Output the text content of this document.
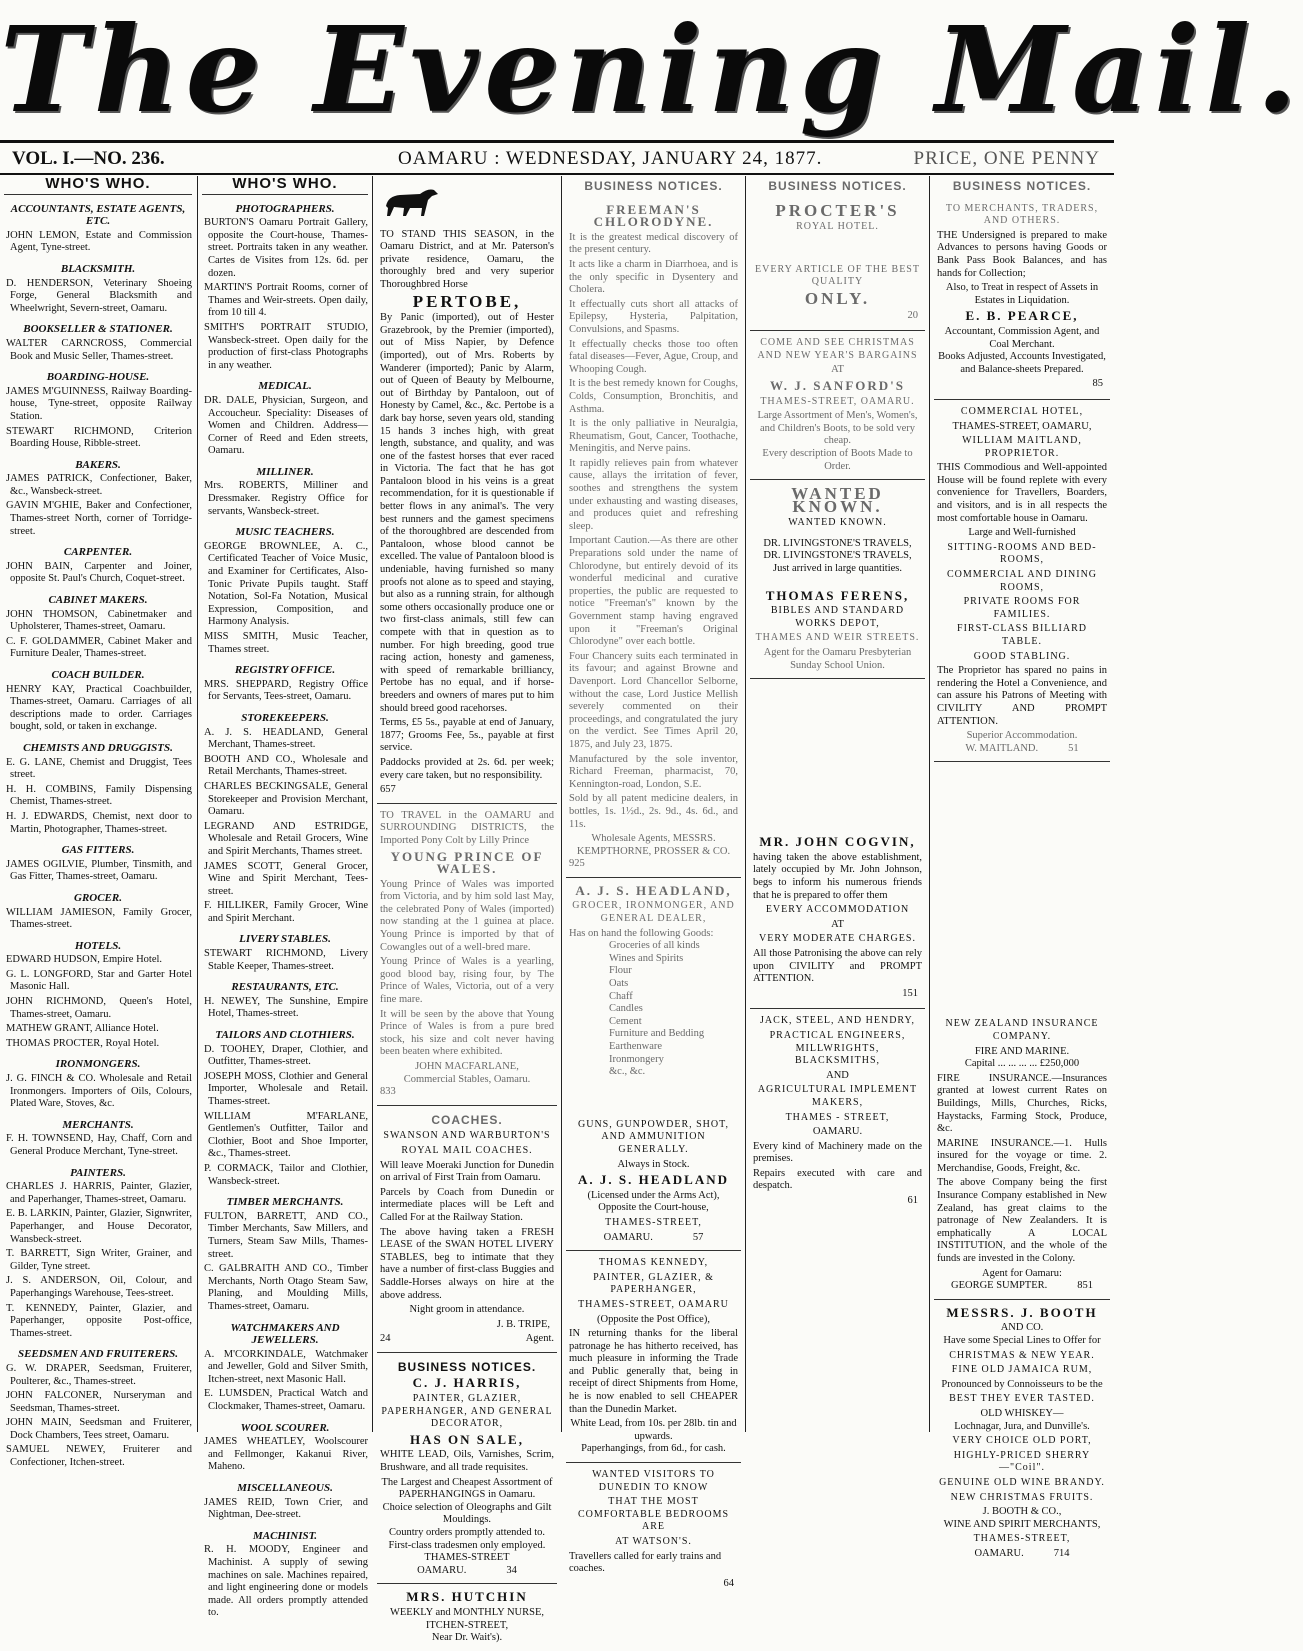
The Evening Mail.
VOL. I.—NO. 236.	OAMARU : WEDNESDAY, JANUARY 24, 1877.	PRICE, ONE PENNY
WHO'S WHO.
ACCOUNTANTS, ESTATE AGENTS, ETC.
JOHN LEMON, Estate and Commission Agent, Tyne-street.
BLACKSMITH.
D. HENDERSON, Veterinary Shoeing Forge, General Blacksmith and Wheelwright, Severn-street, Oamaru.
BOOKSELLER & STATIONER.
WALTER CARNCROSS, Commercial Book and Music Seller, Thames-street.
BOARDING-HOUSE.
JAMES M'GUINNESS, Railway Boarding-house, Tyne-street, opposite Railway Station.
STEWART RICHMOND, Criterion Boarding House, Ribble-street.
BAKERS.
JAMES PATRICK, Confectioner, Baker, &c., Wansbeck-street.
GAVIN M'GHIE, Baker and Confectioner, Thames-street North, corner of Torridge-street.
CARPENTER.
JOHN BAIN, Carpenter and Joiner, opposite St. Paul's Church, Coquet-street.
CABINET MAKERS.
JOHN THOMSON, Cabinetmaker and Upholsterer, Thames-street, Oamaru.
C. F. GOLDAMMER, Cabinet Maker and Furniture Dealer, Thames-street.
COACH BUILDER.
HENRY KAY, Practical Coachbuilder, Thames-street, Oamaru. Carriages of all descriptions made to order. Carriages bought, sold, or taken in exchange.
CHEMISTS AND DRUGGISTS.
E. G. LANE, Chemist and Druggist, Tees street.
H. H. COMBINS, Family Dispensing Chemist, Thames-street.
H. J. EDWARDS, Chemist, next door to Martin, Photographer, Thames-street.
GAS FITTERS.
JAMES OGILVIE, Plumber, Tinsmith, and Gas Fitter, Thames-street, Oamaru.
GROCER.
WILLIAM JAMIESON, Family Grocer, Thames-street.
HOTELS.
EDWARD HUDSON, Empire Hotel.
G. L. LONGFORD, Star and Garter Hotel Masonic Hall.
JOHN RICHMOND, Queen's Hotel, Thames-street, Oamaru.
MATHEW GRANT, Alliance Hotel.
THOMAS PROCTER, Royal Hotel.
IRONMONGERS.
J. G. FINCH & CO. Wholesale and Retail Ironmongers. Importers of Oils, Colours, Plated Ware, Stoves, &c.
MERCHANTS.
F. H. TOWNSEND, Hay, Chaff, Corn and General Produce Merchant, Tyne-street.
PAINTERS.
CHARLES J. HARRIS, Painter, Glazier, and Paperhanger, Thames-street, Oamaru.
E. B. LARKIN, Painter, Glazier, Signwriter, Paperhanger, and House Decorator, Wansbeck-street.
T. BARRETT, Sign Writer, Grainer, and Gilder, Tyne street.
J. S. ANDERSON, Oil, Colour, and Paperhangings Warehouse, Tees-street.
T. KENNEDY, Painter, Glazier, and Paperhanger, opposite Post-office, Thames-street.
SEEDSMEN AND FRUITERERS.
G. W. DRAPER, Seedsman, Fruiterer, Poulterer, &c., Thames-street.
JOHN FALCONER, Nurseryman and Seedsman, Thames-street.
JOHN MAIN, Seedsman and Fruiterer, Dock Chambers, Tees street, Oamaru.
SAMUEL NEWEY, Fruiterer and Confectioner, Itchen-street.
WHO'S WHO.
PHOTOGRAPHERS.
BURTON'S Oamaru Portrait Gallery, opposite the Court-house, Thames-street. Portraits taken in any weather. Cartes de Visites from 12s. 6d. per dozen.
MARTIN'S Portrait Rooms, corner of Thames and Weir-streets. Open daily, from 10 till 4.
SMITH'S PORTRAIT STUDIO, Wansbeck-street. Open daily for the production of first-class Photographs in any weather.
MEDICAL.
DR. DALE, Physician, Surgeon, and Accoucheur. Speciality: Diseases of Women and Children. Address—Corner of Reed and Eden streets, Oamaru.
MILLINER.
Mrs. ROBERTS, Milliner and Dressmaker. Registry Office for servants, Wansbeck-street.
MUSIC TEACHERS.
GEORGE BROWNLEE, A. C., Certificated Teacher of Voice Music, and Examiner for Certificates, Also-Tonic Private Pupils taught. Staff Notation, Sol-Fa Notation, Musical Expression, Composition, and Harmony Analysis.
MISS SMITH, Music Teacher, Thames street.
REGISTRY OFFICE.
MRS. SHEPPARD, Registry Office for Servants, Tees-street, Oamaru.
STOREKEEPERS.
A. J. S. HEADLAND, General Merchant, Thames-street.
BOOTH AND CO., Wholesale and Retail Merchants, Thames-street.
CHARLES BECKINGSALE, General Storekeeper and Provision Merchant, Oamaru.
LEGRAND AND ESTRIDGE, Wholesale and Retail Grocers, Wine and Spirit Merchants, Thames street.
JAMES SCOTT, General Grocer, Wine and Spirit Merchant, Tees-street.
F. HILLIKER, Family Grocer, Wine and Spirit Merchant.
LIVERY STABLES.
STEWART RICHMOND, Livery Stable Keeper, Thames-street.
RESTAURANTS, ETC.
H. NEWEY, The Sunshine, Empire Hotel, Thames-street.
TAILORS AND CLOTHIERS.
D. TOOHEY, Draper, Clothier, and Outfitter, Thames-street.
JOSEPH MOSS, Clothier and General Importer, Wholesale and Retail. Thames-street.
WILLIAM M'FARLANE, Gentlemen's Outfitter, Tailor and Clothier, Boot and Shoe Importer, &c., Thames-street.
P. CORMACK, Tailor and Clothier, Wansbeck-street.
TIMBER MERCHANTS.
FULTON, BARRETT, AND CO., Timber Merchants, Saw Millers, and Turners, Steam Saw Mills, Thames-street.
C. GALBRAITH AND CO., Timber Merchants, North Otago Steam Saw, Planing, and Moulding Mills, Thames-street, Oamaru.
WATCHMAKERS AND JEWELLERS.
A. M'CORKINDALE, Watchmaker and Jeweller, Gold and Silver Smith, Itchen-street, next Masonic Hall.
E. LUMSDEN, Practical Watch and Clockmaker, Thames-street, Oamaru.
WOOL SCOURER.
JAMES WHEATLEY, Woolscourer and Fellmonger, Kakanui River, Maheno.
MISCELLANEOUS.
JAMES REID, Town Crier, and Nightman, Dee-street.
MACHINIST.
R. H. MOODY, Engineer and Machinist. A supply of sewing machines on sale. Machines repaired, and light engineering done or models made. All orders promptly attended to.
TO STAND THIS SEASON, in the Oamaru District, and at Mr. Paterson's private residence, Oamaru, the thoroughly bred and very superior Thoroughbred Horse
PERTOBE,
By Panic (imported), out of Hester Grazebrook, by the Premier (imported), out of Miss Napier, by Defence (imported), out of Mrs. Roberts by Wanderer (imported); Panic by Alarm, out of Queen of Beauty by Melbourne, out of Birthday by Pantaloon, out of Honesty by Camel, &c., &c. Pertobe is a dark bay horse, seven years old, standing 15 hands 3 inches high, with great length, substance, and quality, and was one of the fastest horses that ever raced in Victoria. The fact that he has got Pantaloon blood in his veins is a great recommendation, for it is questionable if better flows in any animal's. The very best runners and the gamest specimens of the thoroughbred are descended from Pantaloon, whose blood cannot be excelled. The value of Pantaloon blood is undeniable, having furnished so many proofs not alone as to speed and staying, but also as a running strain, for although some others occasionally produce one or two first-class animals, still few can compete with that in question as to number. For high breeding, good true racing action, honesty and gameness, with speed of remarkable brilliancy, Pertobe has no equal, and if horse-breeders and owners of mares put to him should breed good racehorses.
Terms, £5 5s., payable at end of January, 1877; Grooms Fee, 5s., payable at first service.
Paddocks provided at 2s. 6d. per week; every care taken, but no responsibility.
657
TO TRAVEL in the OAMARU and SURROUNDING DISTRICTS, the Imported Pony Colt by Lilly Prince
YOUNG PRINCE OF WALES.
Young Prince of Wales was imported from Victoria, and by him sold last May, the celebrated Pony of Wales (imported) now standing at the 1 guinea at place. Young Prince is imported by that of Cowangles out of a well-bred mare.
Young Prince of Wales is a yearling, good blood bay, rising four, by The Prince of Wales, Victoria, out of a very fine mare.
It will be seen by the above that Young Prince of Wales is from a pure bred stock, his size and colt never having been beaten where exhibited.
JOHN MACFARLANE,
Commercial Stables, Oamaru.
833
COACHES.
SWANSON AND WARBURTON'S
ROYAL MAIL COACHES.
Will leave Moeraki Junction for Dunedin on arrival of First Train from Oamaru.
Parcels by Coach from Dunedin or intermediate places will be Left and Called For at the Railway Station.
The above having taken a FRESH LEASE of the SWAN HOTEL LIVERY STABLES, beg to intimate that they have a number of first-class Buggies and Saddle-Horses always on hire at the above address.
Night groom in attendance.
J. B. TRIPE,
24	Agent.
BUSINESS NOTICES.
C. J. HARRIS,
PAINTER, GLAZIER, PAPERHANGER, AND GENERAL DECORATOR,
HAS ON SALE,
WHITE LEAD, Oils, Varnishes, Scrim, Brushware, and all trade requisites.
The Largest and Cheapest Assortment of PAPERHANGINGS in Oamaru.
Choice selection of Oleographs and Gilt Mouldings.
Country orders promptly attended to.
First-class tradesmen only employed.
THAMES-STREET
OAMARU.	34
MRS. HUTCHIN
WEEKLY and MONTHLY NURSE,
ITCHEN-STREET,
Near Dr. Wait's).
BUSINESS NOTICES.
FREEMAN'S CHLORODYNE.
It is the greatest medical discovery of the present century.
It acts like a charm in Diarrhoea, and is the only specific in Dysentery and Cholera.
It effectually cuts short all attacks of Epilepsy, Hysteria, Palpitation, Convulsions, and Spasms.
It effectually checks those too often fatal diseases—Fever, Ague, Croup, and Whooping Cough.
It is the best remedy known for Coughs, Colds, Consumption, Bronchitis, and Asthma.
It is the only palliative in Neuralgia, Rheumatism, Gout, Cancer, Toothache, Meningitis, and Nerve pains.
It rapidly relieves pain from whatever cause, allays the irritation of fever, soothes and strengthens the system under exhausting and wasting diseases, and produces quiet and refreshing sleep.
Important Caution.—As there are other Preparations sold under the name of Chlorodyne, but entirely devoid of its wonderful medicinal and curative properties, the public are requested to notice "Freeman's" known by the Government stamp having engraved upon it "Freeman's Original Chlorodyne" over each bottle.
Four Chancery suits each terminated in its favour; and against Browne and Davenport. Lord Chancellor Selborne, without the case, Lord Justice Mellish severely commented on their proceedings, and congratulated the jury on the verdict. See Times April 20, 1875, and July 23, 1875.
Manufactured by the sole inventor, Richard Freeman, pharmacist, 70, Kennington-road, London, S.E.
Sold by all patent medicine dealers, in bottles, 1s. 1½d., 2s. 9d., 4s. 6d., and 11s.
Wholesale Agents, MESSRS. KEMPTHORNE, PROSSER & CO.
925
A. J. S. HEADLAND,
GROCER, IRONMONGER, AND GENERAL DEALER,
Has on hand the following Goods:
Groceries of all kinds
Wines and Spirits
Flour
Oats
Chaff
Candles
Cement
Furniture and Bedding
Earthenware
Ironmongery
&c., &c.
GUNS, GUNPOWDER, SHOT, AND AMMUNITION GENERALLY.
Always in Stock.
A. J. S. HEADLAND
(Licensed under the Arms Act),
Opposite the Court-house,
THAMES-STREET,
OAMARU.	57
THOMAS KENNEDY,
PAINTER, GLAZIER, & PAPERHANGER,
THAMES-STREET, OAMARU
(Opposite the Post Office),
IN returning thanks for the liberal patronage he has hitherto received, has much pleasure in informing the Trade and Public generally that, being in receipt of direct Shipments from Home, he is now enabled to sell CHEAPER than the Dunedin Market.
White Lead, from 10s. per 28lb. tin and upwards.
Paperhangings, from 6d., for cash.
WANTED VISITORS TO DUNEDIN TO KNOW
THAT THE MOST COMFORTABLE BEDROOMS ARE
AT WATSON'S.
Travellers called for early trains and coaches.
64
BUSINESS NOTICES.
PROCTER'S
ROYAL HOTEL.
EVERY ARTICLE OF THE BEST QUALITY
ONLY.
20
COME AND SEE CHRISTMAS AND NEW YEAR'S BARGAINS
AT
W. J. SANFORD'S
THAMES-STREET, OAMARU.
Large Assortment of Men's, Women's, and Children's Boots, to be sold very cheap.
Every description of Boots Made to Order.
WANTED KNOWN.
WANTED KNOWN.
DR. LIVINGSTONE'S TRAVELS,
DR. LIVINGSTONE'S TRAVELS,
Just arrived in large quantities.
THOMAS FERENS,
BIBLES AND STANDARD WORKS DEPOT,
THAMES AND WEIR STREETS.
Agent for the Oamaru Presbyterian Sunday School Union.
MR. JOHN COGVIN,
having taken the above establishment, lately occupied by Mr. John Johnson, begs to inform his numerous friends that he is prepared to offer them
EVERY ACCOMMODATION
AT
VERY MODERATE CHARGES.
All those Patronising the above can rely upon CIVILITY and PROMPT ATTENTION.
151
JACK, STEEL, AND HENDRY,
PRACTICAL ENGINEERS, MILLWRIGHTS, BLACKSMITHS,
AND
AGRICULTURAL IMPLEMENT MAKERS,
THAMES - STREET,
OAMARU.
Every kind of Machinery made on the premises.
Repairs executed with care and despatch.
61
BUSINESS NOTICES.
TO MERCHANTS, TRADERS, AND OTHERS.
THE Undersigned is prepared to make Advances to persons having Goods or Bank Pass Book Balances, and has hands for Collection;
Also, to Treat in respect of Assets in Estates in Liquidation.
E. B. PEARCE,
Accountant, Commission Agent, and Coal Merchant.
Books Adjusted, Accounts Investigated, and Balance-sheets Prepared.
85
COMMERCIAL HOTEL,
THAMES-STREET, OAMARU,
WILLIAM MAITLAND, PROPRIETOR.
THIS Commodious and Well-appointed House will be found replete with every convenience for Travellers, Boarders, and visitors, and is in all respects the most comfortable house in Oamaru.
Large and Well-furnished
SITTING-ROOMS AND BED-ROOMS,
COMMERCIAL AND DINING ROOMS,
PRIVATE ROOMS FOR FAMILIES.
FIRST-CLASS BILLIARD TABLE.
GOOD STABLING.
The Proprietor has spared no pains in rendering the Hotel a Convenience, and can assure his Patrons of Meeting with CIVILITY AND PROMPT ATTENTION.
Superior Accommodation.
W. MAITLAND.	51
NEW ZEALAND INSURANCE COMPANY.
FIRE AND MARINE.
Capital ... ... ... ... £250,000
FIRE INSURANCE.—Insurances granted at lowest current Rates on Buildings, Mills, Churches, Ricks, Haystacks, Farming Stock, Produce, &c.
MARINE INSURANCE.—1. Hulls insured for the voyage or time. 2. Merchandise, Goods, Freight, &c.
The above Company being the first Insurance Company established in New Zealand, has great claims to the patronage of New Zealanders. It is emphatically A LOCAL INSTITUTION, and the whole of the funds are invested in the Colony.
Agent for Oamaru:
GEORGE SUMPTER.	851
MESSRS. J. BOOTH
AND CO.
Have some Special Lines to Offer for
CHRISTMAS & NEW YEAR.
FINE OLD JAMAICA RUM,
Pronounced by Connoisseurs to be the
BEST THEY EVER TASTED.
OLD WHISKEY—
Lochnagar, Jura, and Dunville's.
VERY CHOICE OLD PORT,
HIGHLY-PRICED SHERRY—"Coil".
GENUINE OLD WINE BRANDY.
NEW CHRISTMAS FRUITS.
J. BOOTH & CO.,
WINE AND SPIRIT MERCHANTS,
THAMES-STREET,
OAMARU.	714
